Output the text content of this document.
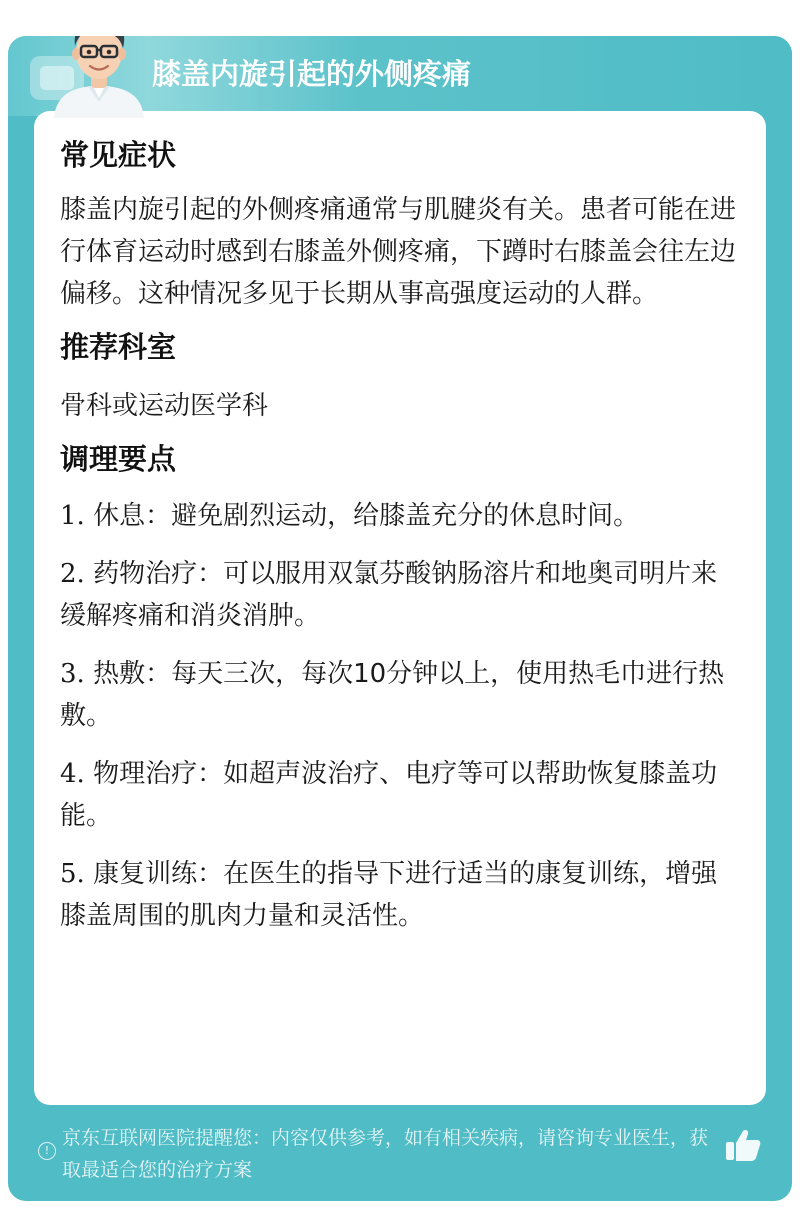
膝盖内旋引起的外侧疼痛
常见症状
膝盖内旋引起的外侧疼痛通常与肌腱炎有关。患者可能在进行体育运动时感到右膝盖外侧疼痛，下蹲时右膝盖会往左边偏移。这种情况多见于长期从事高强度运动的人群。
推荐科室
骨科或运动医学科
调理要点
1. 休息：避免剧烈运动，给膝盖充分的休息时间。
2. 药物治疗：可以服用双氯芬酸钠肠溶片和地奥司明片来缓解疼痛和消炎消肿。
3. 热敷：每天三次，每次10分钟以上，使用热毛巾进行热敷。
4. 物理治疗：如超声波治疗、电疗等可以帮助恢复膝盖功能。
5. 康复训练：在医生的指导下进行适当的康复训练，增强膝盖周围的肌肉力量和灵活性。
!
京东互联网医院提醒您：内容仅供参考，如有相关疾病，请咨询专业医生，获取最适合您的治疗方案
